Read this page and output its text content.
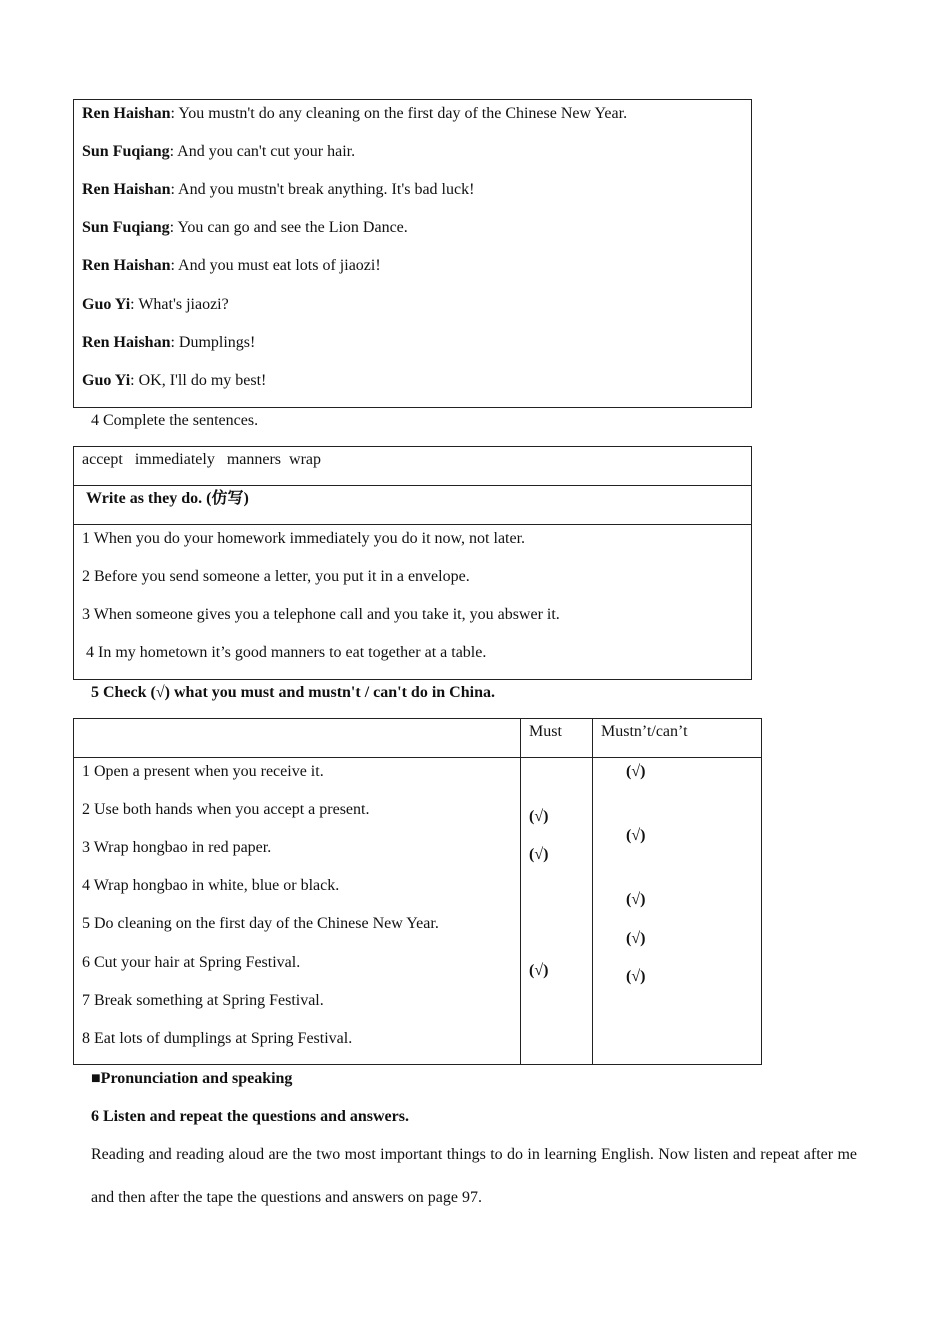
Ren Haishan: You mustn't do any cleaning on the first day of the Chinese New Year.
Sun Fuqiang: And you can't cut your hair.
Ren Haishan: And you mustn't break anything. It's bad luck!
Sun Fuqiang: You can go and see the Lion Dance.
Ren Haishan: And you must eat lots of jiaozi!
Guo Yi: What's jiaozi?
Ren Haishan: Dumplings!
Guo Yi: OK, I'll do my best!
4 Complete the sentences.
accept   immediately   manners  wrap
Write as they do. (仿写)
1 When you do your homework immediately you do it now, not later.
2 Before you send someone a letter, you put it in a envelope.
3 When someone gives you a telephone call and you take it, you abswer it.
4 In my hometown it’s good manners to eat together at a table.
5 Check (√) what you must and mustn't / can't do in China.
Must Mustn’t/can’t
1 Open a present when you receive it.
2 Use both hands when you accept a present.
3 Wrap hongbao in red paper.
4 Wrap hongbao in white, blue or black.
5 Do cleaning on the first day of the Chinese New Year.
6 Cut your hair at Spring Festival.
7 Break something at Spring Festival.
8 Eat lots of dumplings at Spring Festival.
(√)
(√)
(√)
(√)
(√)
(√)
(√)
(√)
■Pronunciation and speaking
6 Listen and repeat the questions and answers.
Reading and reading aloud are the two most important things to do in learning English. Now listen and repeat after me and then after the tape the questions and answers on page 97.
